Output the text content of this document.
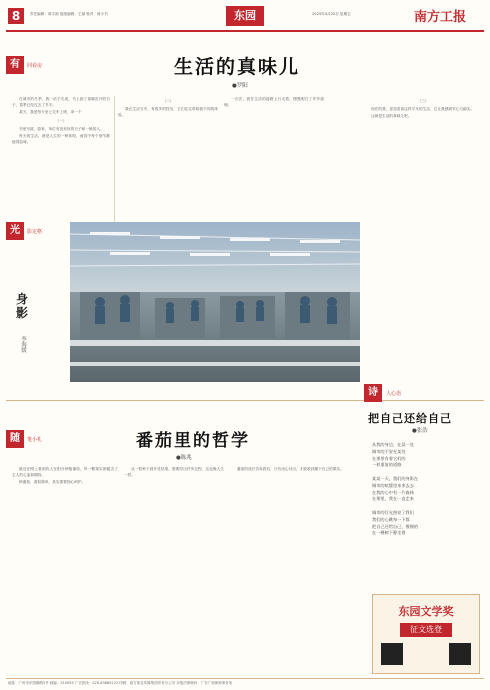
8	责任编辑：蒋宇源 组版编辑：王斌 校对：蒋小书	东园	2025年4月25日 星期五	南方工报
有	同看房	生活的真味儿
●罗阳

在城市的冬季，我一站子走成，马上到了春暖花开的日子，春季已经过去了多半。

某天，我爱每天坐公交车上班，拿一个

（一）

书里写道，原来，单位有没有好的日子和一般的人。

每天的生活，就是人生的一种体现，而其中每个细节都值得品味。

（二）

我在生活当中，有很多的经历，它们往往带给我不同的体验。

一次次，我在生活的道路上行走着，慢慢明白了许多道理。

（三）

现在的我，更加喜欢这样平凡的生活，它让我感到安心与踏实。

这就是生活的真味儿吧。

光	影定格
身影
李海媛
随	笔小札	番茄里的哲学
●陈兆

最近在网上看到有人在阳台种植番茄，每一颗果实都蕴含了主人的心血和期待。

种番茄，看似简单，其实需要细心呵护。

从一粒种子到开花结果，需要经历许多过程，这也像人生一样。

番茄的成长告诉我们，只有用心付出，才能收获属于自己的果实。

诗	人心语
把自己还给自己
●张浩
从我的身边，在某一处
城市的不安在某处
在那里有着它们的
一样重复的道路

某某一天，我们的身影在
城市的喧嚣里来来去去
在我的心中有一片森林
在那里，我在一直走来

城市的灯光照亮了我们
我们的心跳每一下都
把自己还给自己，慢慢的
在一棵树下静坐着
东园文学奖
征文选登
地址：广州市东园横路5号 邮编：510055 广告热线：020-83885222 印刷：南方报业传媒集团印务分公司 本报法律顾问：广东广和律师事务所
